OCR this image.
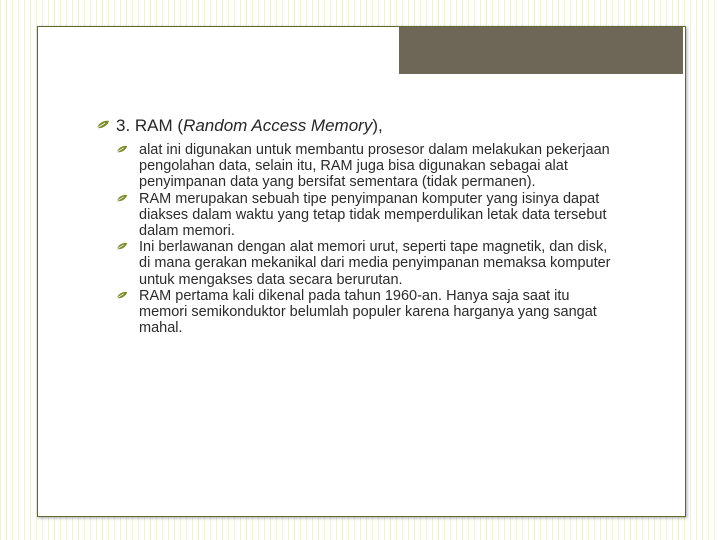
3. RAM (Random Access Memory),
alat ini digunakan untuk membantu prosesor dalam melakukan pekerjaan pengolahan data, selain itu, RAM juga bisa digunakan sebagai alat penyimpanan data yang bersifat sementara (tidak permanen).
RAM merupakan sebuah tipe penyimpanan komputer yang isinya dapat diakses dalam waktu yang tetap tidak memperdulikan letak data tersebut dalam memori.
Ini berlawanan dengan alat memori urut, seperti tape magnetik, dan disk, di mana gerakan mekanikal dari media penyimpanan memaksa komputer untuk mengakses data secara berurutan.
RAM pertama kali dikenal pada tahun 1960-an. Hanya saja saat itu memori semikonduktor belumlah populer karena harganya yang sangat mahal.
